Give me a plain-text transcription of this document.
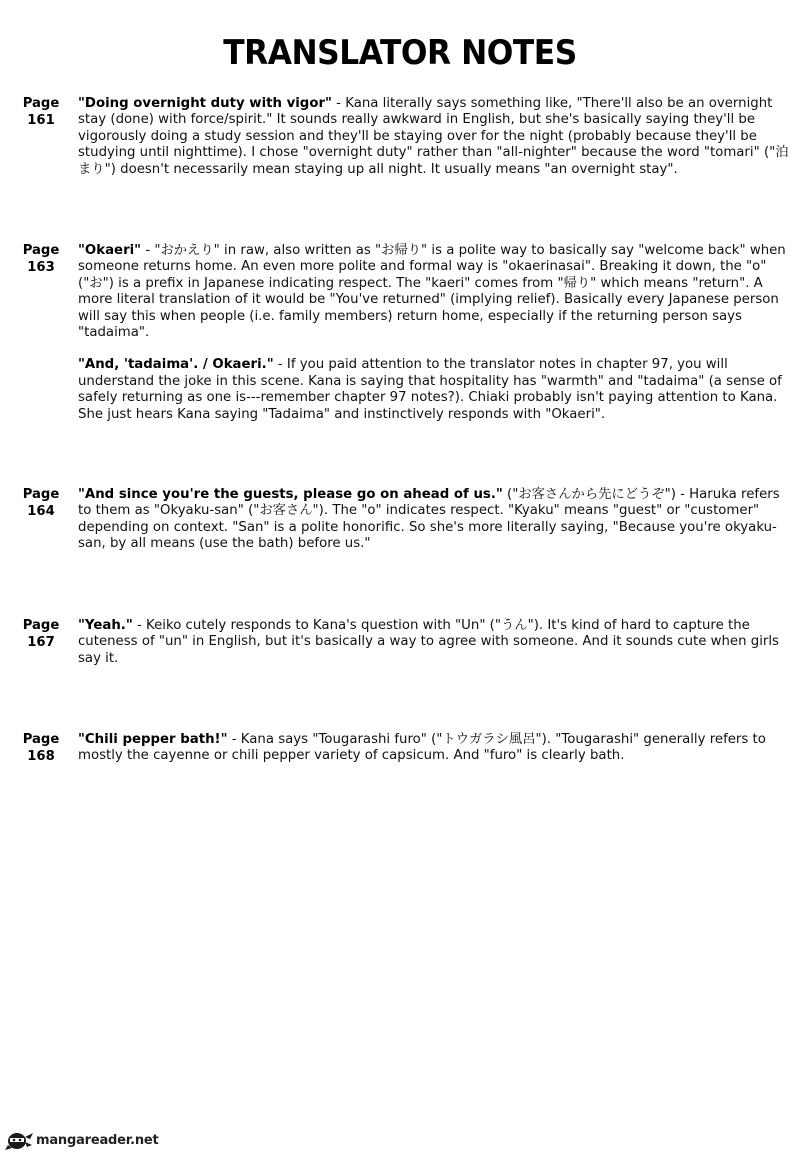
TRANSLATOR NOTES
Page
161

"Doing overnight duty with vigor" - Kana literally says something like, "There'll also be an overnight stay (done) with force/spirit." It sounds really awkward in English, but she's basically saying they'll be vigorously doing a study session and they'll be staying over for the night (probably because they'll be studying until nighttime). I chose "overnight duty" rather than "all-nighter" because the word "tomari" ("泊まり") doesn't necessarily mean staying up all night. It usually means "an overnight stay".

Page
163

"Okaeri" - "おかえり" in raw, also written as "お帰り" is a polite way to basically say "welcome back" when someone returns home. An even more polite and formal way is "okaerinasai". Breaking it down, the "o" ("お") is a prefix in Japanese indicating respect. The "kaeri" comes from "帰り" which means "return". A more literal translation of it would be "You've returned" (implying relief). Basically every Japanese person will say this when people (i.e. family members) return home, especially if the returning person says "tadaima".

"And, 'tadaima'. / Okaeri." - If you paid attention to the translator notes in chapter 97, you will understand the joke in this scene. Kana is saying that hospitality has "warmth" and "tadaima" (a sense of safely returning as one is---remember chapter 97 notes?). Chiaki probably isn't paying attention to Kana. She just hears Kana saying "Tadaima" and instinctively responds with "Okaeri".

Page
164

"And since you're the guests, please go on ahead of us." ("お客さんから先にどうぞ") - Haruka refers to them as "Okyaku-san" ("お客さん"). The "o" indicates respect. "Kyaku" means "guest" or "customer" depending on context. "San" is a polite honorific. So she's more literally saying, "Because you're okyaku-san, by all means (use the bath) before us."

Page
167

"Yeah." - Keiko cutely responds to Kana's question with "Un" ("うん"). It's kind of hard to capture the cuteness of "un" in English, but it's basically a way to agree with someone. And it sounds cute when girls say it.

Page
168

"Chili pepper bath!" - Kana says "Tougarashi furo" ("トウガラシ風呂"). "Tougarashi" generally refers to mostly the cayenne or chili pepper variety of capsicum. And "furo" is clearly bath.

mangareader.net
